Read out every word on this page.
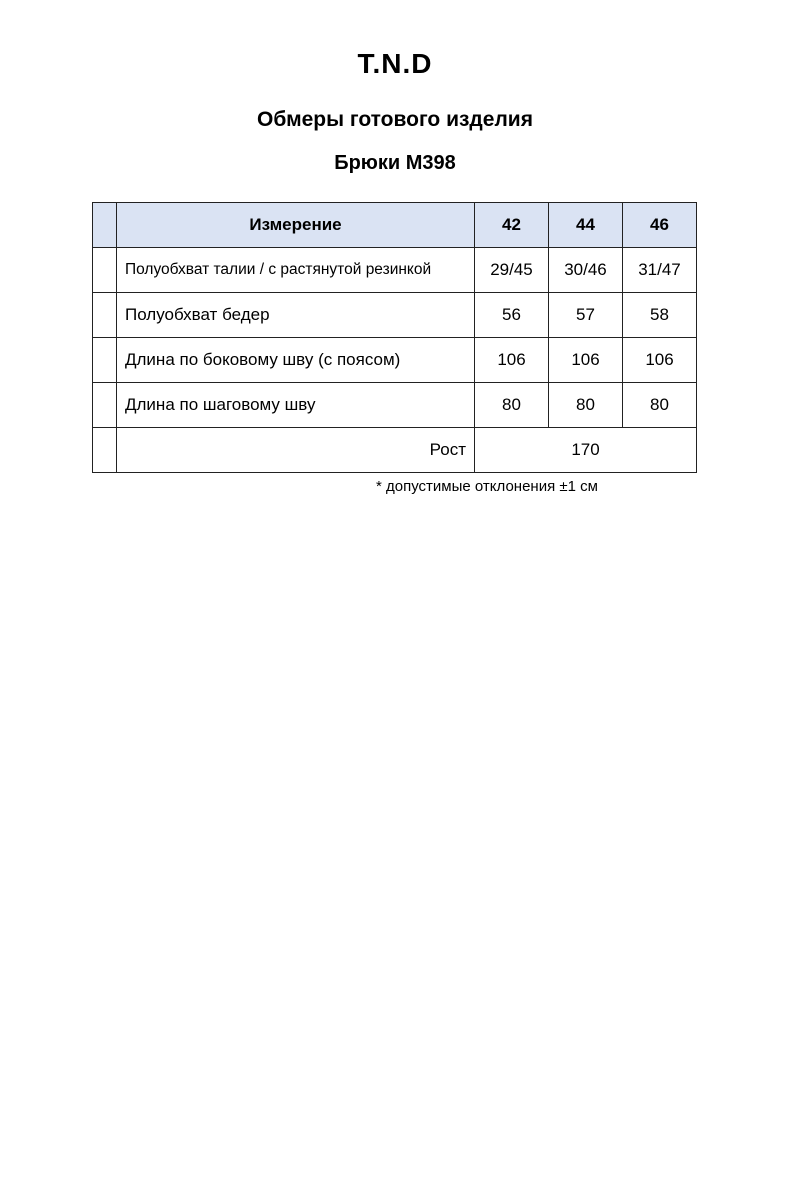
T.N.D
Обмеры готового изделия
Брюки М398
	Измерение	42	44	46
	Полуобхват талии / с растянутой резинкой	29/45	30/46	31/47
	Полуобхват бедер	56	57	58
	Длина по боковому шву (с поясом)	106	106	106
	Длина по шаговому шву	80	80	80
	Рост	170		
* допустимые отклонения ±1 см
